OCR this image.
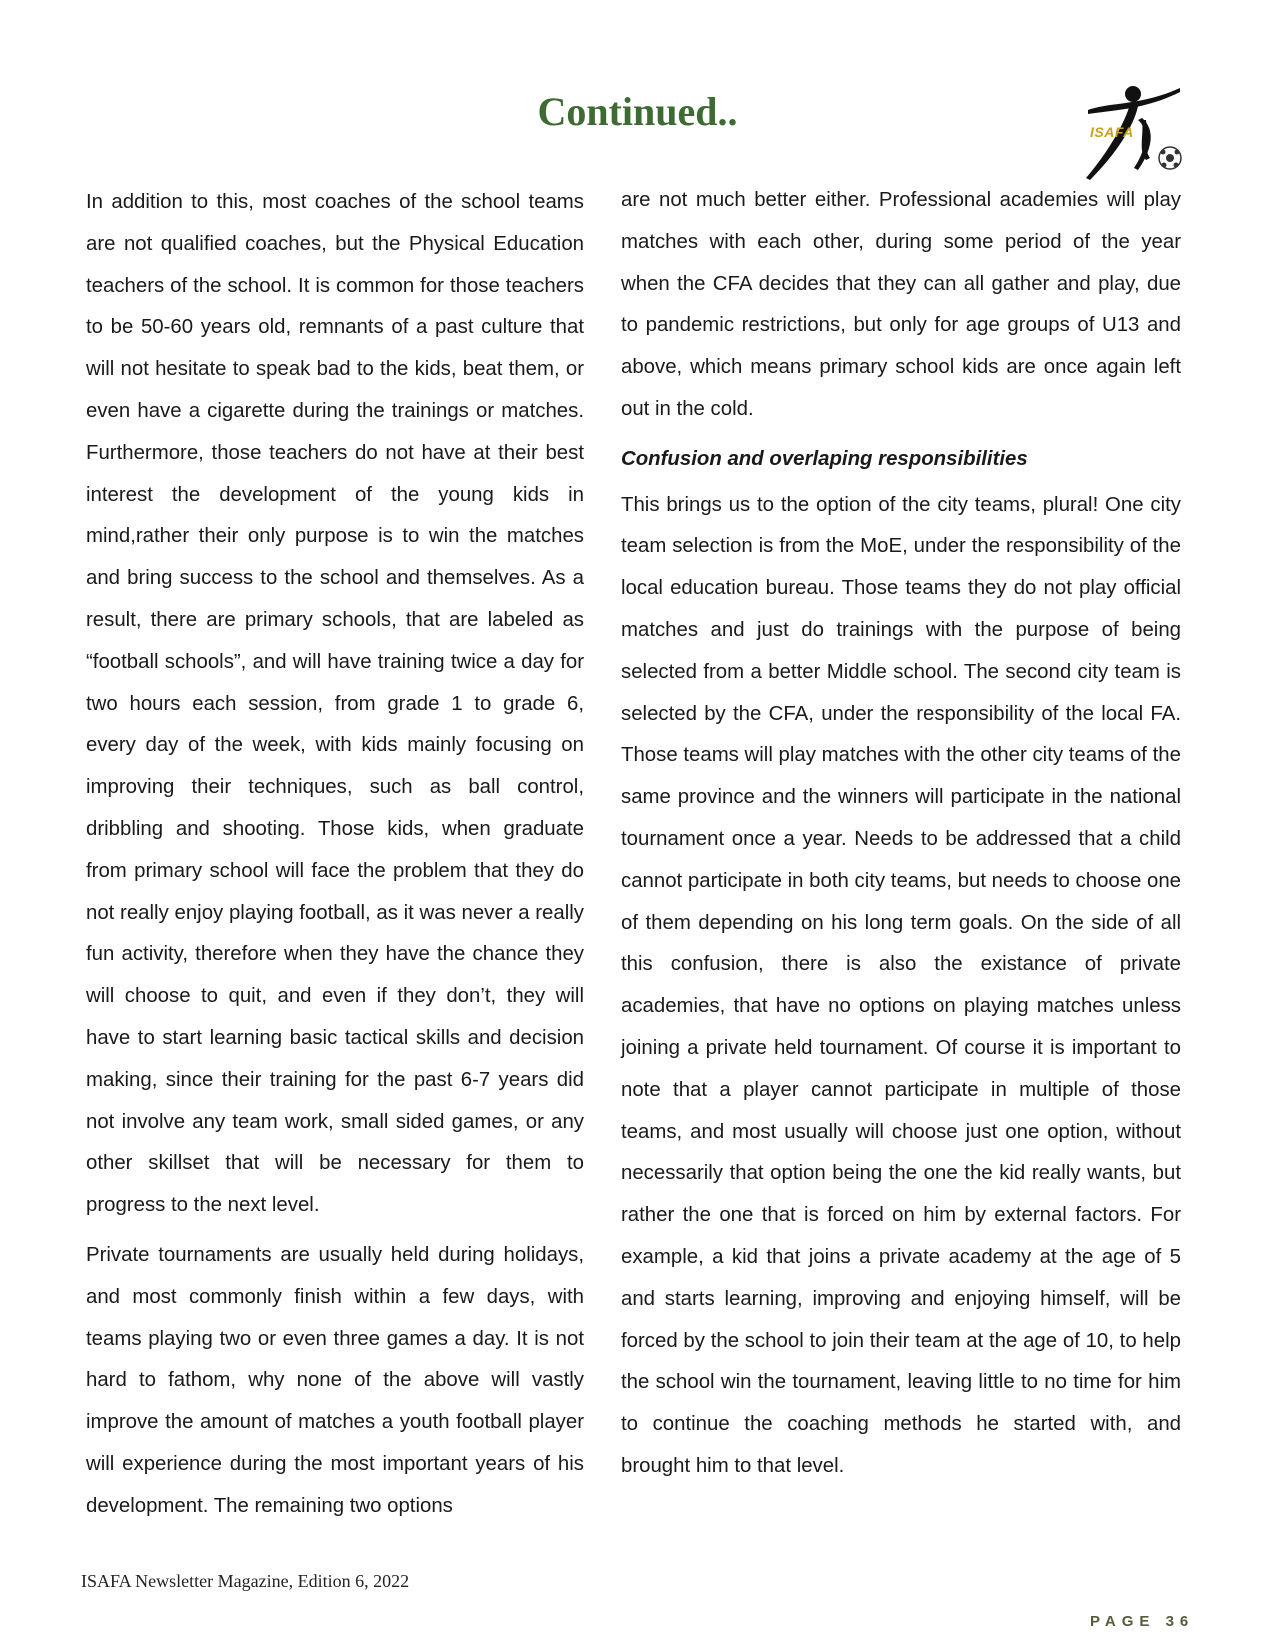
Continued..	ISAFA

In addition to this, most coaches of the school teams are not qualified coaches, but the Physical Education teachers of the school. It is common for those teachers to be 50-60 years old, remnants of a past culture that will not hesitate to speak bad to the kids, beat them, or even have a cigarette during the trainings or matches. Furthermore, those teachers do not have at their best interest the development of the young kids in mind,rather their only purpose is to win the matches and bring success to the school and themselves. As a result, there are primary schools, that are labeled as “football schools”, and will have training twice a day for two hours each session, from grade 1 to grade 6, every day of the week, with kids mainly focusing on improving their techniques, such as ball control, dribbling and shooting. Those kids, when graduate from primary school will face the problem that they do not really enjoy playing football, as it was never a really fun activity, therefore when they have the chance they will choose to quit, and even if they don’t, they will have to start learning basic tactical skills and decision making, since their training for the past 6-7 years did not involve any team work, small sided games, or any other skillset that will be necessary for them to progress to the next level.

Private tournaments are usually held during holidays, and most commonly finish within a few days, with teams playing two or even three games a day. It is not hard to fathom, why none of the above will vastly improve the amount of matches a youth football player will experience during the most important years of his development. The remaining two options

are not much better either. Professional academies will play matches with each other, during some period of the year when the CFA decides that they can all gather and play, due to pandemic restrictions, but only for age groups of U13 and above, which means primary school kids are once again left out in the cold.

Confusion and overlaping responsibilities

This brings us to the option of the city teams, plural! One city team selection is from the MoE, under the responsibility of the local education bureau. Those teams they do not play official matches and just do trainings with the purpose of being selected from a better Middle school. The second city team is selected by the CFA, under the responsibility of the local FA. Those teams will play matches with the other city teams of the same province and the winners will participate in the national tournament once a year. Needs to be addressed that a child cannot participate in both city teams, but needs to choose one of them depending on his long term goals. On the side of all this confusion, there is also the existance of private academies, that have no options on playing matches unless joining a private held tournament. Of course it is important to note that a player cannot participate in multiple of those teams, and most usually will choose just one option, without necessarily that option being the one the kid really wants, but rather the one that is forced on him by external factors. For example, a kid that joins a private academy at the age of 5 and starts learning, improving and enjoying himself, will be forced by the school to join their team at the age of 10, to help the school win the tournament, leaving little to no time for him to continue the coaching methods he started with, and brought him to that level.

ISAFA Newsletter Magazine, Edition 6, 2022
PAGE 36
